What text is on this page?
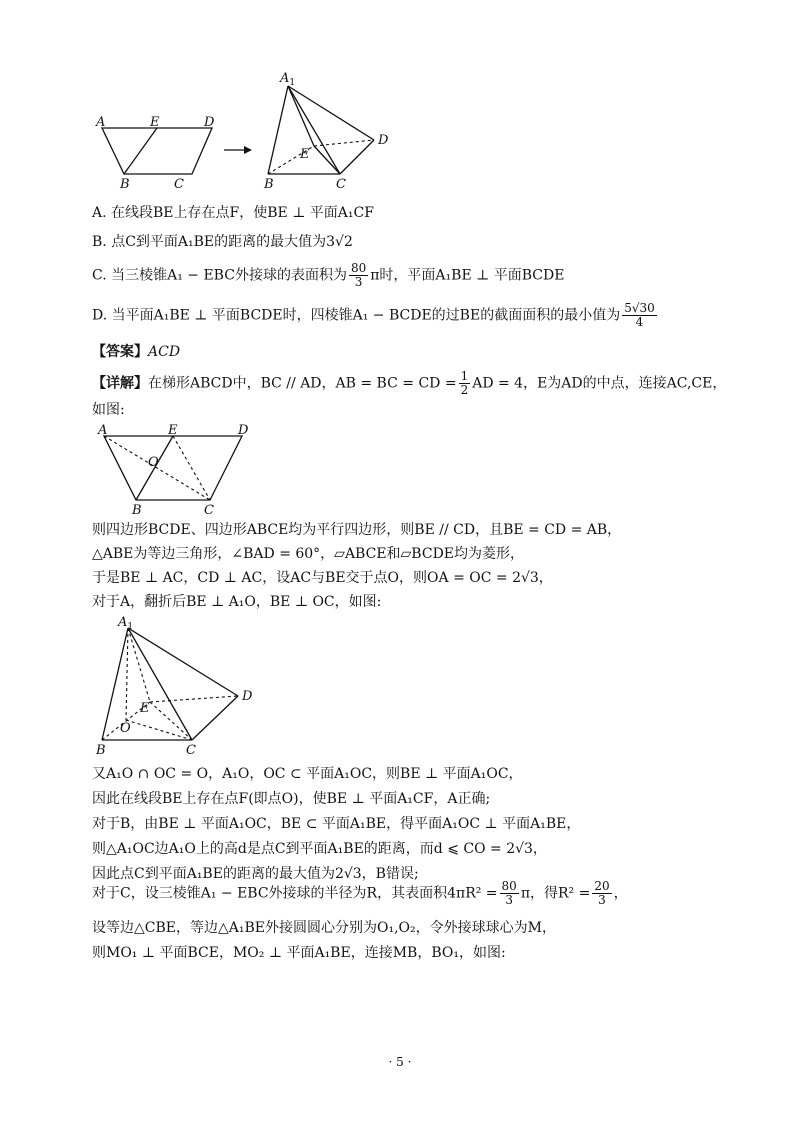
A	E	D
B	C
$A_1$
D
E
B	C
A. 在线段BE上存在点F，使BE ⊥ 平面A₁CF
B. 点C到平面A₁BE的距离的最大值为3√2
C. 当三棱锥A₁ − EBC外接球的表面积为 $\frac{80}{3}$ π时，平面A₁BE ⊥ 平面BCDE
D. 当平面A₁BE ⊥ 平面BCDE时，四棱锥A₁ − BCDE的过BE的截面面积的最小值为 $\frac{5√30}{4}$
【答案】ACD
【详解】在梯形ABCD中，BC // AD，AB = BC = CD = $\frac{1}{2}$ AD = 4，E为AD的中点，连接AC,CE，
如图:
A	E	D
O
B	C
则四边形BCDE、四边形ABCE均为平行四边形，则BE // CD，且BE = CD = AB，
△ABE为等边三角形，∠BAD = 60°，▱ABCE和▱BCDE均为菱形，
于是BE ⊥ AC，CD ⊥ AC，设AC与BE交于点O，则OA = OC = 2√3，
对于A，翻折后BE ⊥ A₁O，BE ⊥ OC，如图:
$A_1$
D
E
O
B	C
又A₁O ∩ OC = O，A₁O，OC ⊂ 平面A₁OC，则BE ⊥ 平面A₁OC，
因此在线段BE上存在点F(即点O)，使BE ⊥ 平面A₁CF，A正确;
对于B，由BE ⊥ 平面A₁OC，BE ⊂ 平面A₁BE，得平面A₁OC ⊥ 平面A₁BE，
则△A₁OC边A₁O上的高d是点C到平面A₁BE的距离，而d ⩽ CO = 2√3，
因此点C到平面A₁BE的距离的最大值为2√3，B错误;
对于C，设三棱锥A₁ − EBC外接球的半径为R，其表面积$4\pi R^2 = \frac{80}{3}$ π，得$R^2 = \frac{20}{3}$ ，
设等边△CBE，等边△A₁BE外接圆圆心分别为O₁,O₂，令外接球球心为M，
则MO₁ ⊥ 平面BCE，MO₂ ⊥ 平面A₁BE，连接MB，BO₁，如图:
· 5 ·
